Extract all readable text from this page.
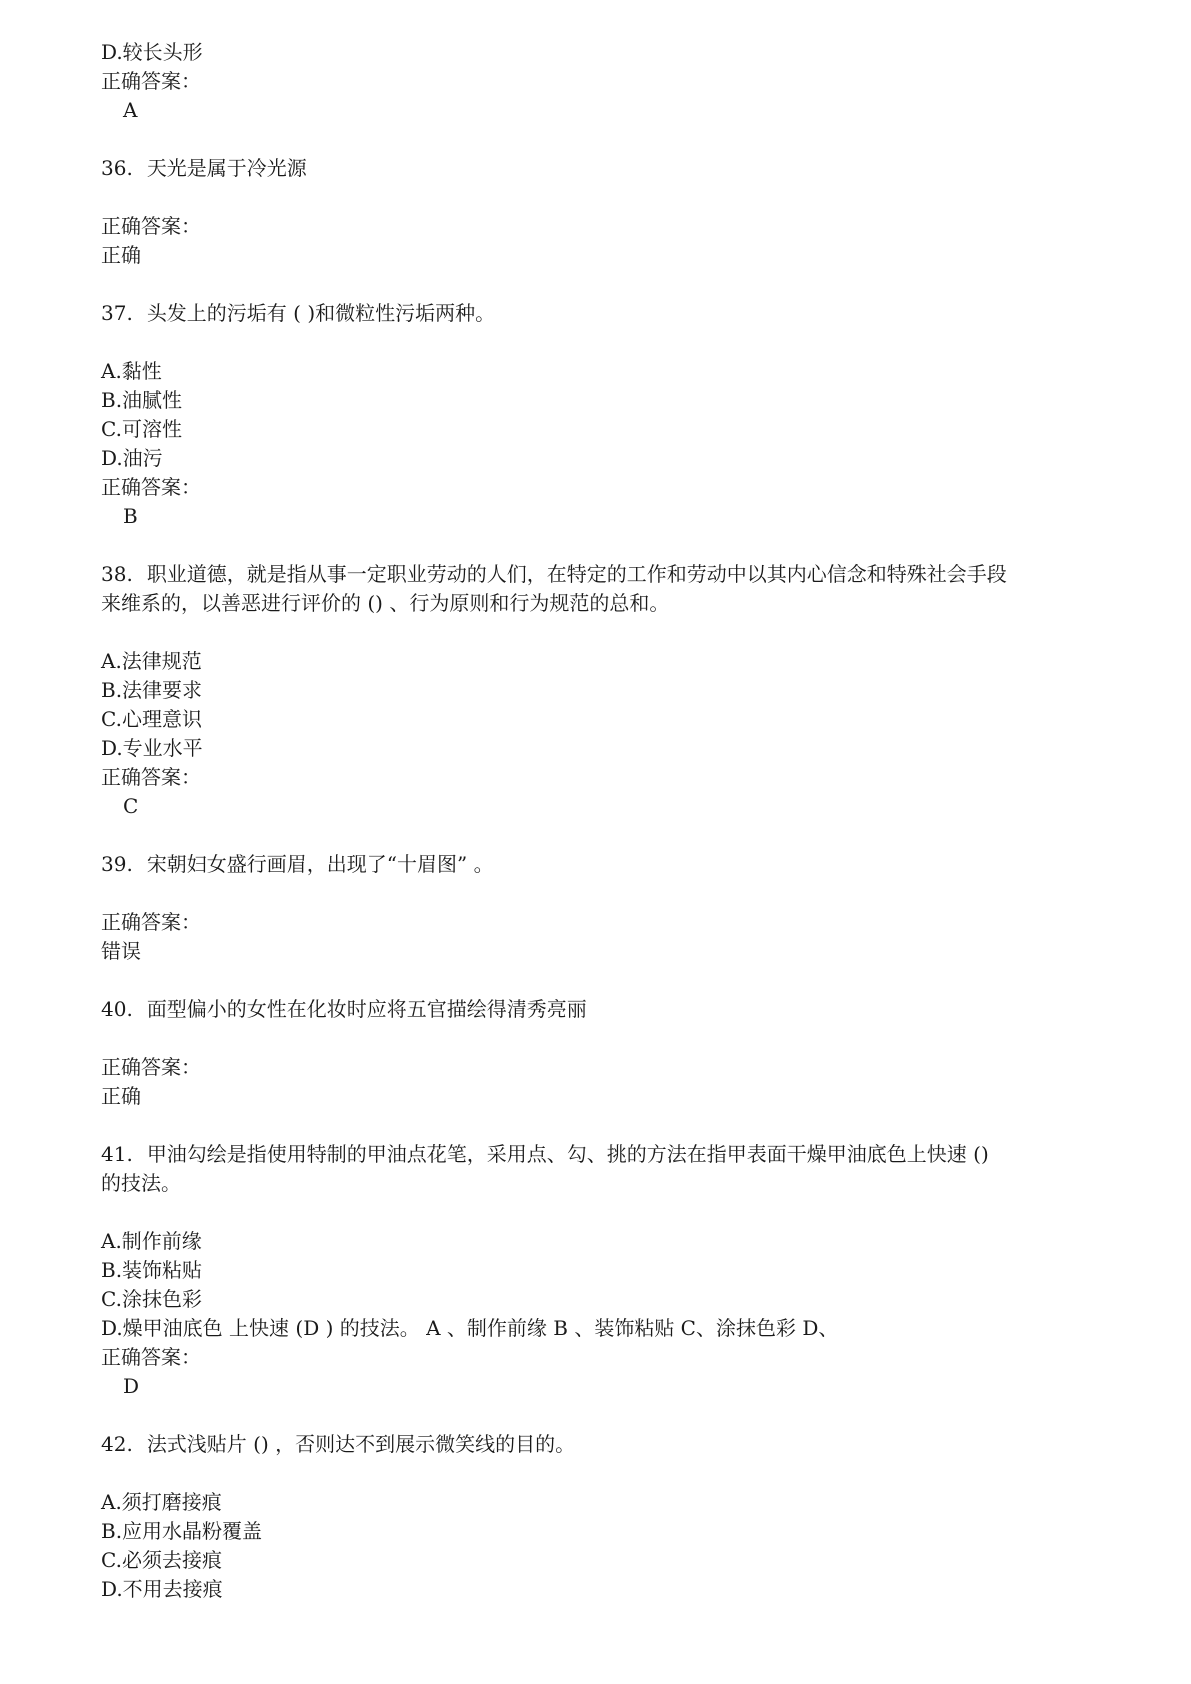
D.较长头形
正确答案：
A
36. 天光是属于冷光源
正确答案：
正确
37. 头发上的污垢有 ( )和微粒性污垢两种。
A.黏性
B.油腻性
C.可溶性
D.油污
正确答案：
B
38. 职业道德，就是指从事一定职业劳动的人们，在特定的工作和劳动中以其内心信念和特殊社会手段
来维系的，以善恶进行评价的 () 、行为原则和行为规范的总和。
A.法律规范
B.法律要求
C.心理意识
D.专业水平
正确答案：
C
39. 宋朝妇女盛行画眉，出现了“十眉图” 。
正确答案：
错误
40. 面型偏小的女性在化妆时应将五官描绘得清秀亮丽
正确答案：
正确
41. 甲油勾绘是指使用特制的甲油点花笔，采用点、勾、挑的方法在指甲表面干燥甲油底色上快速 ()
的技法。
A.制作前缘
B.装饰粘贴
C.涂抹色彩
D.燥甲油底色 上快速 (D ) 的技法。 A 、制作前缘 B 、装饰粘贴 C、涂抹色彩 D、
正确答案：
D
42. 法式浅贴片 () ，否则达不到展示微笑线的目的。
A.须打磨接痕
B.应用水晶粉覆盖
C.必须去接痕
D.不用去接痕
